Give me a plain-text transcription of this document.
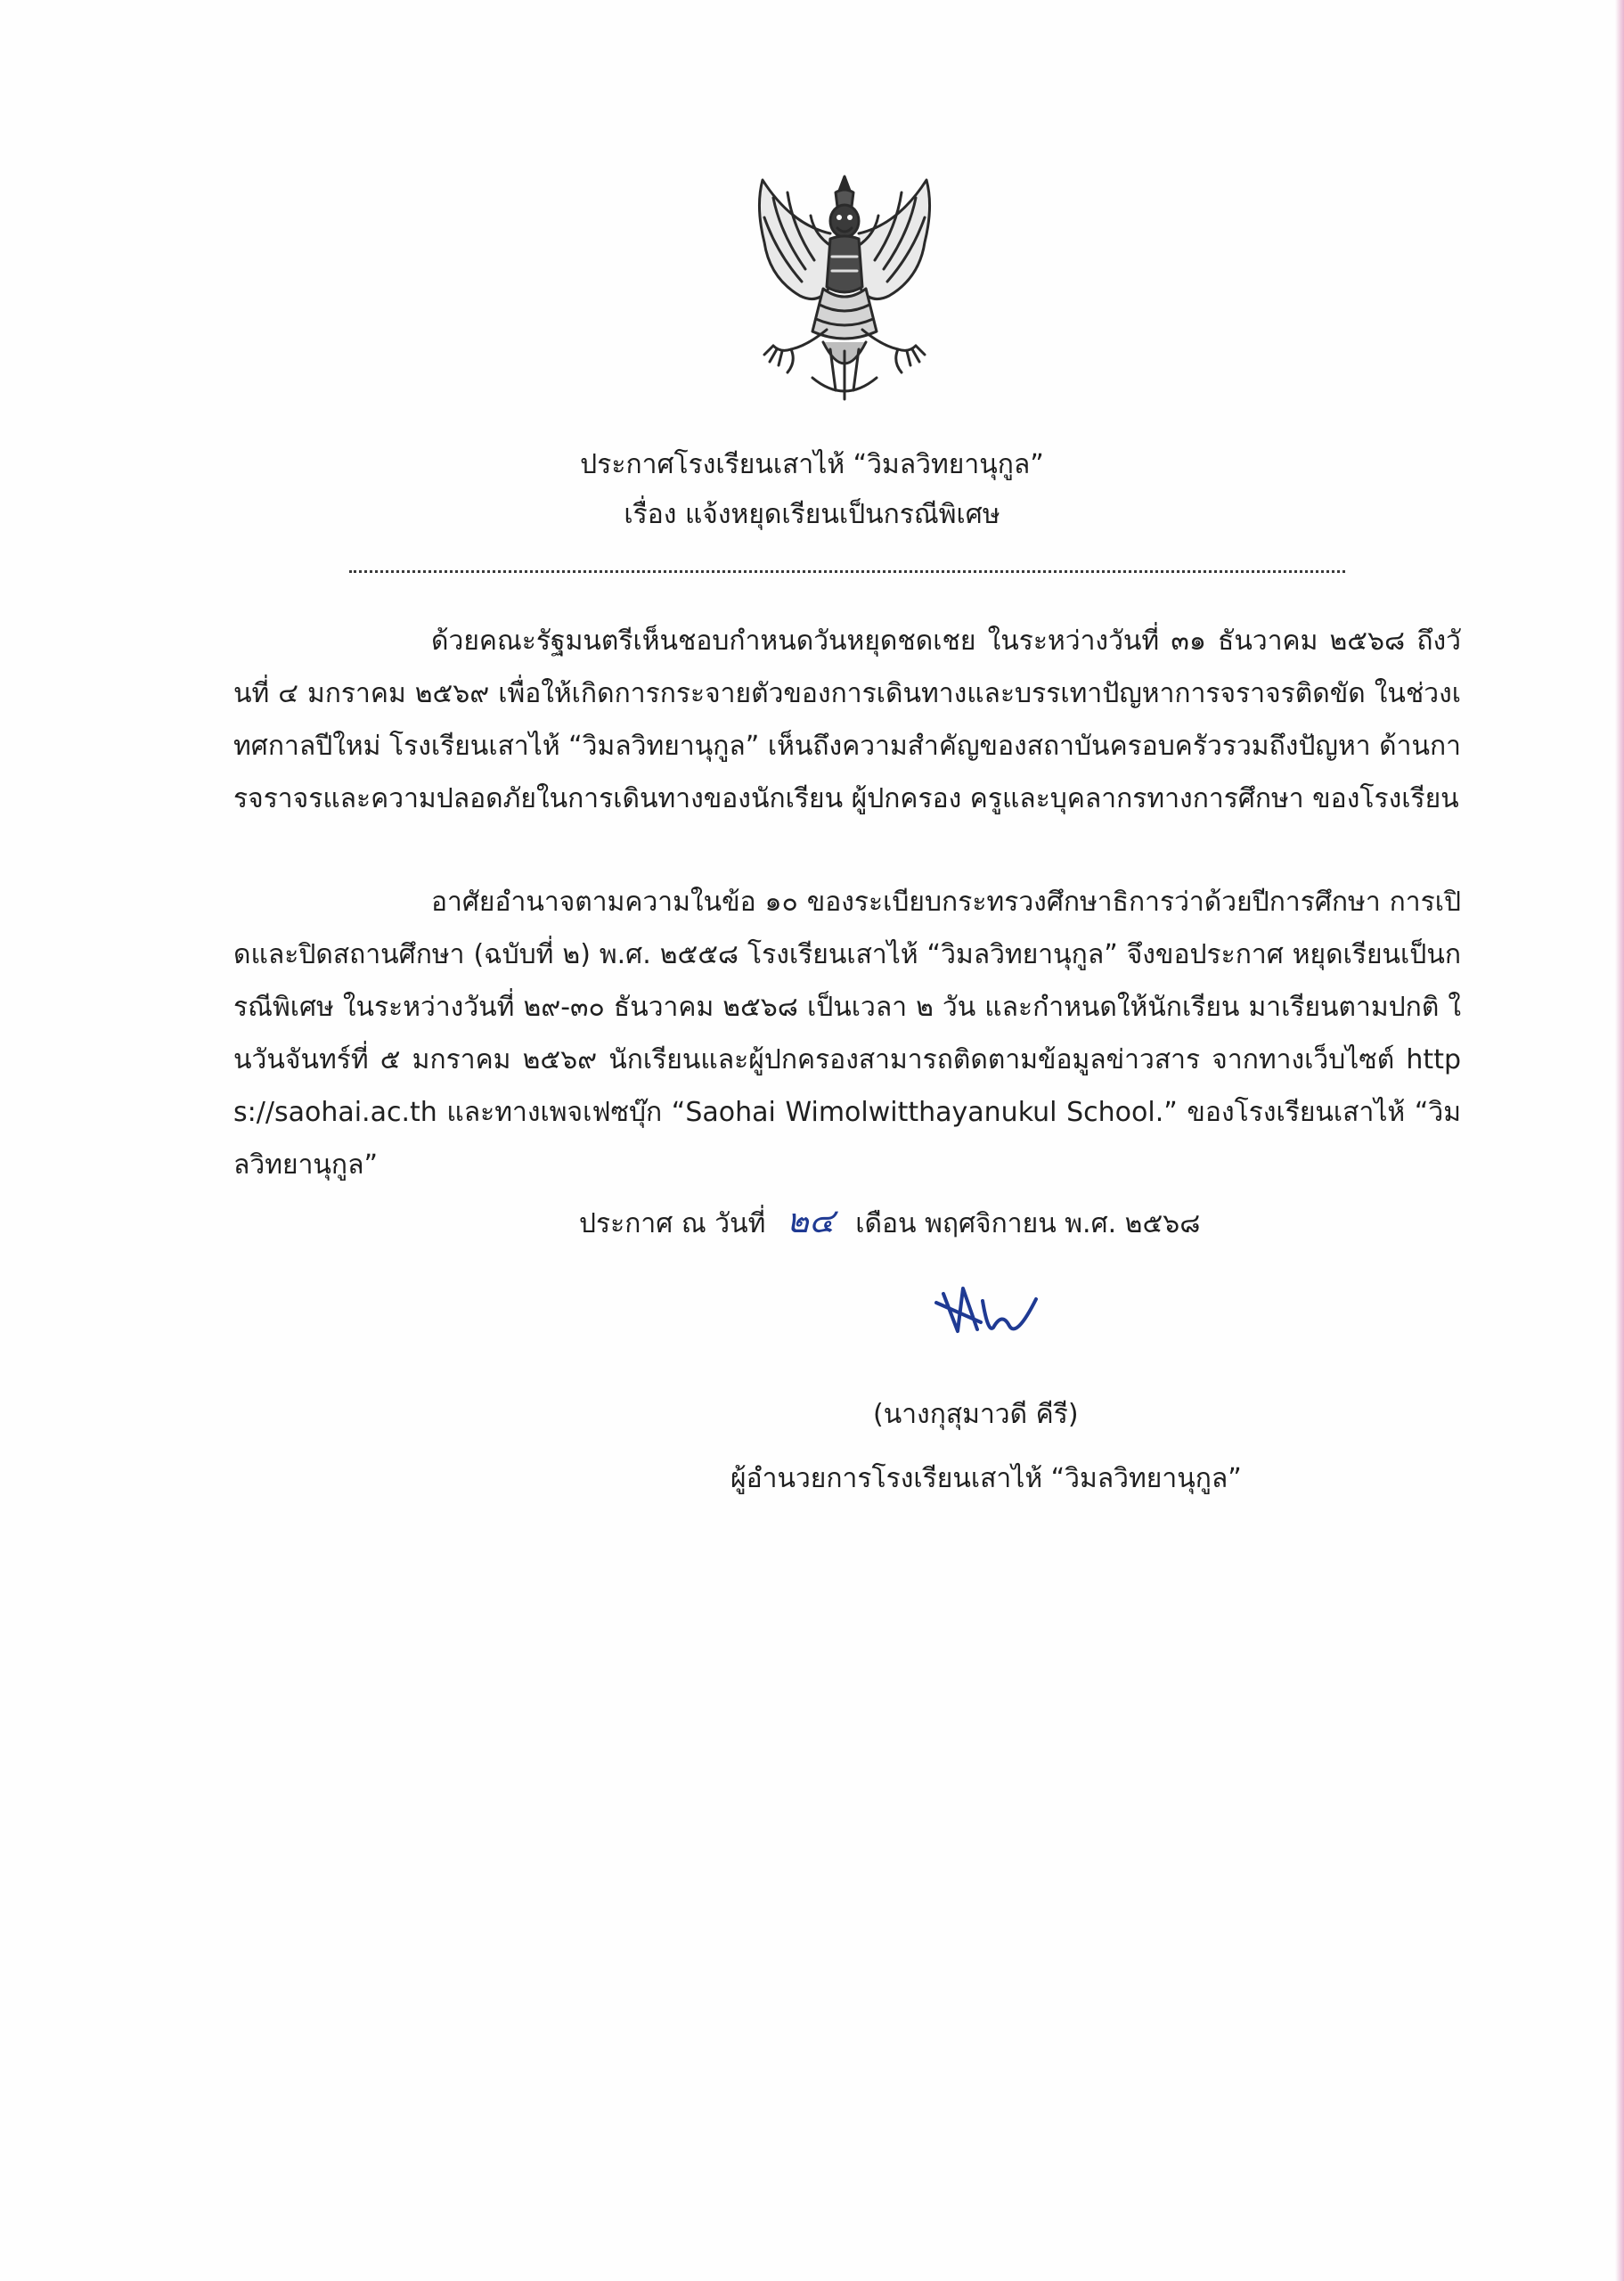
ประกาศโรงเรียนเสาไห้ “วิมลวิทยานุกูล”
เรื่อง แจ้งหยุดเรียนเป็นกรณีพิเศษ
ด้วยคณะรัฐมนตรีเห็นชอบกำหนดวันหยุดชดเชย ในระหว่างวันที่ ๓๑ ธันวาคม ๒๕๖๘ ถึงวันที่ ๔ มกราคม ๒๕๖๙ เพื่อให้เกิดการกระจายตัวของการเดินทางและบรรเทาปัญหาการจราจรติดขัด ในช่วงเทศกาลปีใหม่ โรงเรียนเสาไห้ “วิมลวิทยานุกูล” เห็นถึงความสำคัญของสถาบันครอบครัวรวมถึงปัญหา ด้านการจราจรและความปลอดภัยในการเดินทางของนักเรียน ผู้ปกครอง ครูและบุคลากรทางการศึกษา ของโรงเรียน
อาศัยอำนาจตามความในข้อ ๑๐ ของระเบียบกระทรวงศึกษาธิการว่าด้วยปีการศึกษา การเปิดและปิดสถานศึกษา (ฉบับที่ ๒) พ.ศ. ๒๕๕๘ โรงเรียนเสาไห้ “วิมลวิทยานุกูล” จึงขอประกาศ หยุดเรียนเป็นกรณีพิเศษ ในระหว่างวันที่ ๒๙-๓๐ ธันวาคม ๒๕๖๘ เป็นเวลา ๒ วัน และกำหนดให้นักเรียน มาเรียนตามปกติ ในวันจันทร์ที่ ๕ มกราคม ๒๕๖๙ นักเรียนและผู้ปกครองสามารถติดตามข้อมูลข่าวสาร จากทางเว็บไซต์ https://saohai.ac.th และทางเพจเฟซบุ๊ก “Saohai Wimolwitthayanukul School.” ของโรงเรียนเสาไห้ “วิมลวิทยานุกูล”
ประกาศ ณ วันที่ ๒๔ เดือน พฤศจิกายน พ.ศ. ๒๕๖๘
(นางกุสุมาวดี คีรี)
ผู้อำนวยการโรงเรียนเสาไห้ “วิมลวิทยานุกูล”
